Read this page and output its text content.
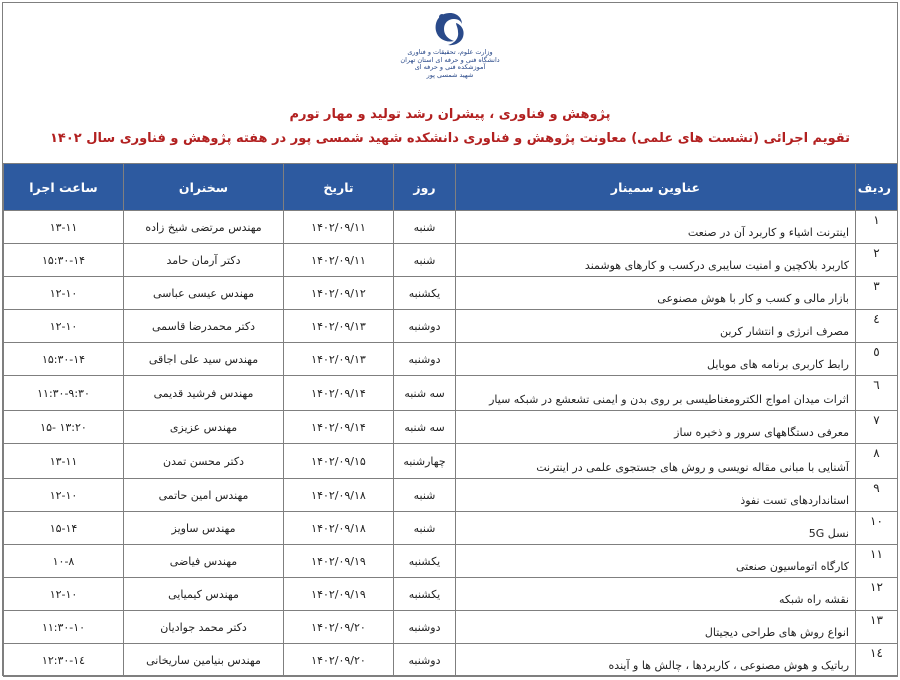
وزارت علوم، تحقیقات و فناوری
دانشگاه فنی و حرفه ای استان تهران
آموزشکده فنی و حرفه ای
شهید شمسی پور
پژوهش و فناوری ، پیشران رشد تولید و مهار تورم
تقویم اجرائی (نشست های علمی) معاونت پژوهش و فناوری دانشکده شهید شمسی پور در هفته پژوهش و فناوری سال ۱۴۰۲
ردیف	عناوین سمینار	روز	تاریخ	سخنران	ساعت اجرا
۱	اینترنت اشیاء و کاربرد آن در صنعت	شنبه	۱۴۰۲/۰۹/۱۱	مهندس مرتضی شیخ زاده	۱۳-۱۱
۲	کاربرد بلاکچین و امنیت سایبری درکسب و کارهای هوشمند	شنبه	۱۴۰۲/۰۹/۱۱	دکتر آرمان حامد	۱۵:۳۰-۱۴
۳	بازار مالی و کسب و کار با هوش مصنوعی	یکشنبه	۱۴۰۲/۰۹/۱۲	مهندس عیسی عباسی	۱۲-۱۰
٤	مصرف انرژی و انتشار کربن	دوشنبه	۱۴۰۲/۰۹/۱۳	دکتر محمدرضا قاسمی	۱۲-۱۰
٥	رابط کاربری برنامه های موبایل	دوشنبه	۱۴۰۲/۰۹/۱۳	مهندس سید علی اجاقی	۱۵:۳۰-۱۴
٦	اثرات میدان امواج الکترومغناطیسی بر روی بدن و ایمنی تشعشع در شبکه سیار	سه شنبه	۱۴۰۲/۰۹/۱۴	مهندس فرشید قدیمی	۱۱:۳۰-۹:۳۰
۷	معرفی دستگاههای سرور و ذخیره ساز	سه شنبه	۱۴۰۲/۰۹/۱۴	مهندس عزیزی	۱۳:۲۰ -۱۵
۸	آشنایی با مبانی مقاله نویسی و روش های جستجوی علمی در اینترنت	چهارشنبه	۱۴۰۲/۰۹/۱۵	دکتر محسن تمدن	۱۳-۱۱
۹	استانداردهای تست نفوذ	شنبه	۱۴۰۲/۰۹/۱۸	مهندس امین حاتمی	۱۲-۱۰
۱۰	نسل 5G	شنبه	۱۴۰۲/۰۹/۱۸	مهندس ساویز	۱۵-۱۴
۱۱	کارگاه اتوماسیون صنعتی	یکشنبه	۱۴۰۲/۰۹/۱۹	مهندس فیاضی	۱۰-۸
۱۲	نقشه راه شبکه	یکشنبه	۱۴۰۲/۰۹/۱۹	مهندس کیمیایی	۱۲-۱۰
۱۳	انواع روش های طراحی دیجیتال	دوشنبه	۱۴۰۲/۰۹/۲۰	دکتر محمد جوادیان	۱۱:۳۰-۱۰
۱٤	رباتیک و هوش مصنوعی ، کاربردها ، چالش ها و آینده	دوشنبه	۱۴۰۲/۰۹/۲۰	مهندس بنیامین ساریخانی	۱٤-۱۲:۳۰
